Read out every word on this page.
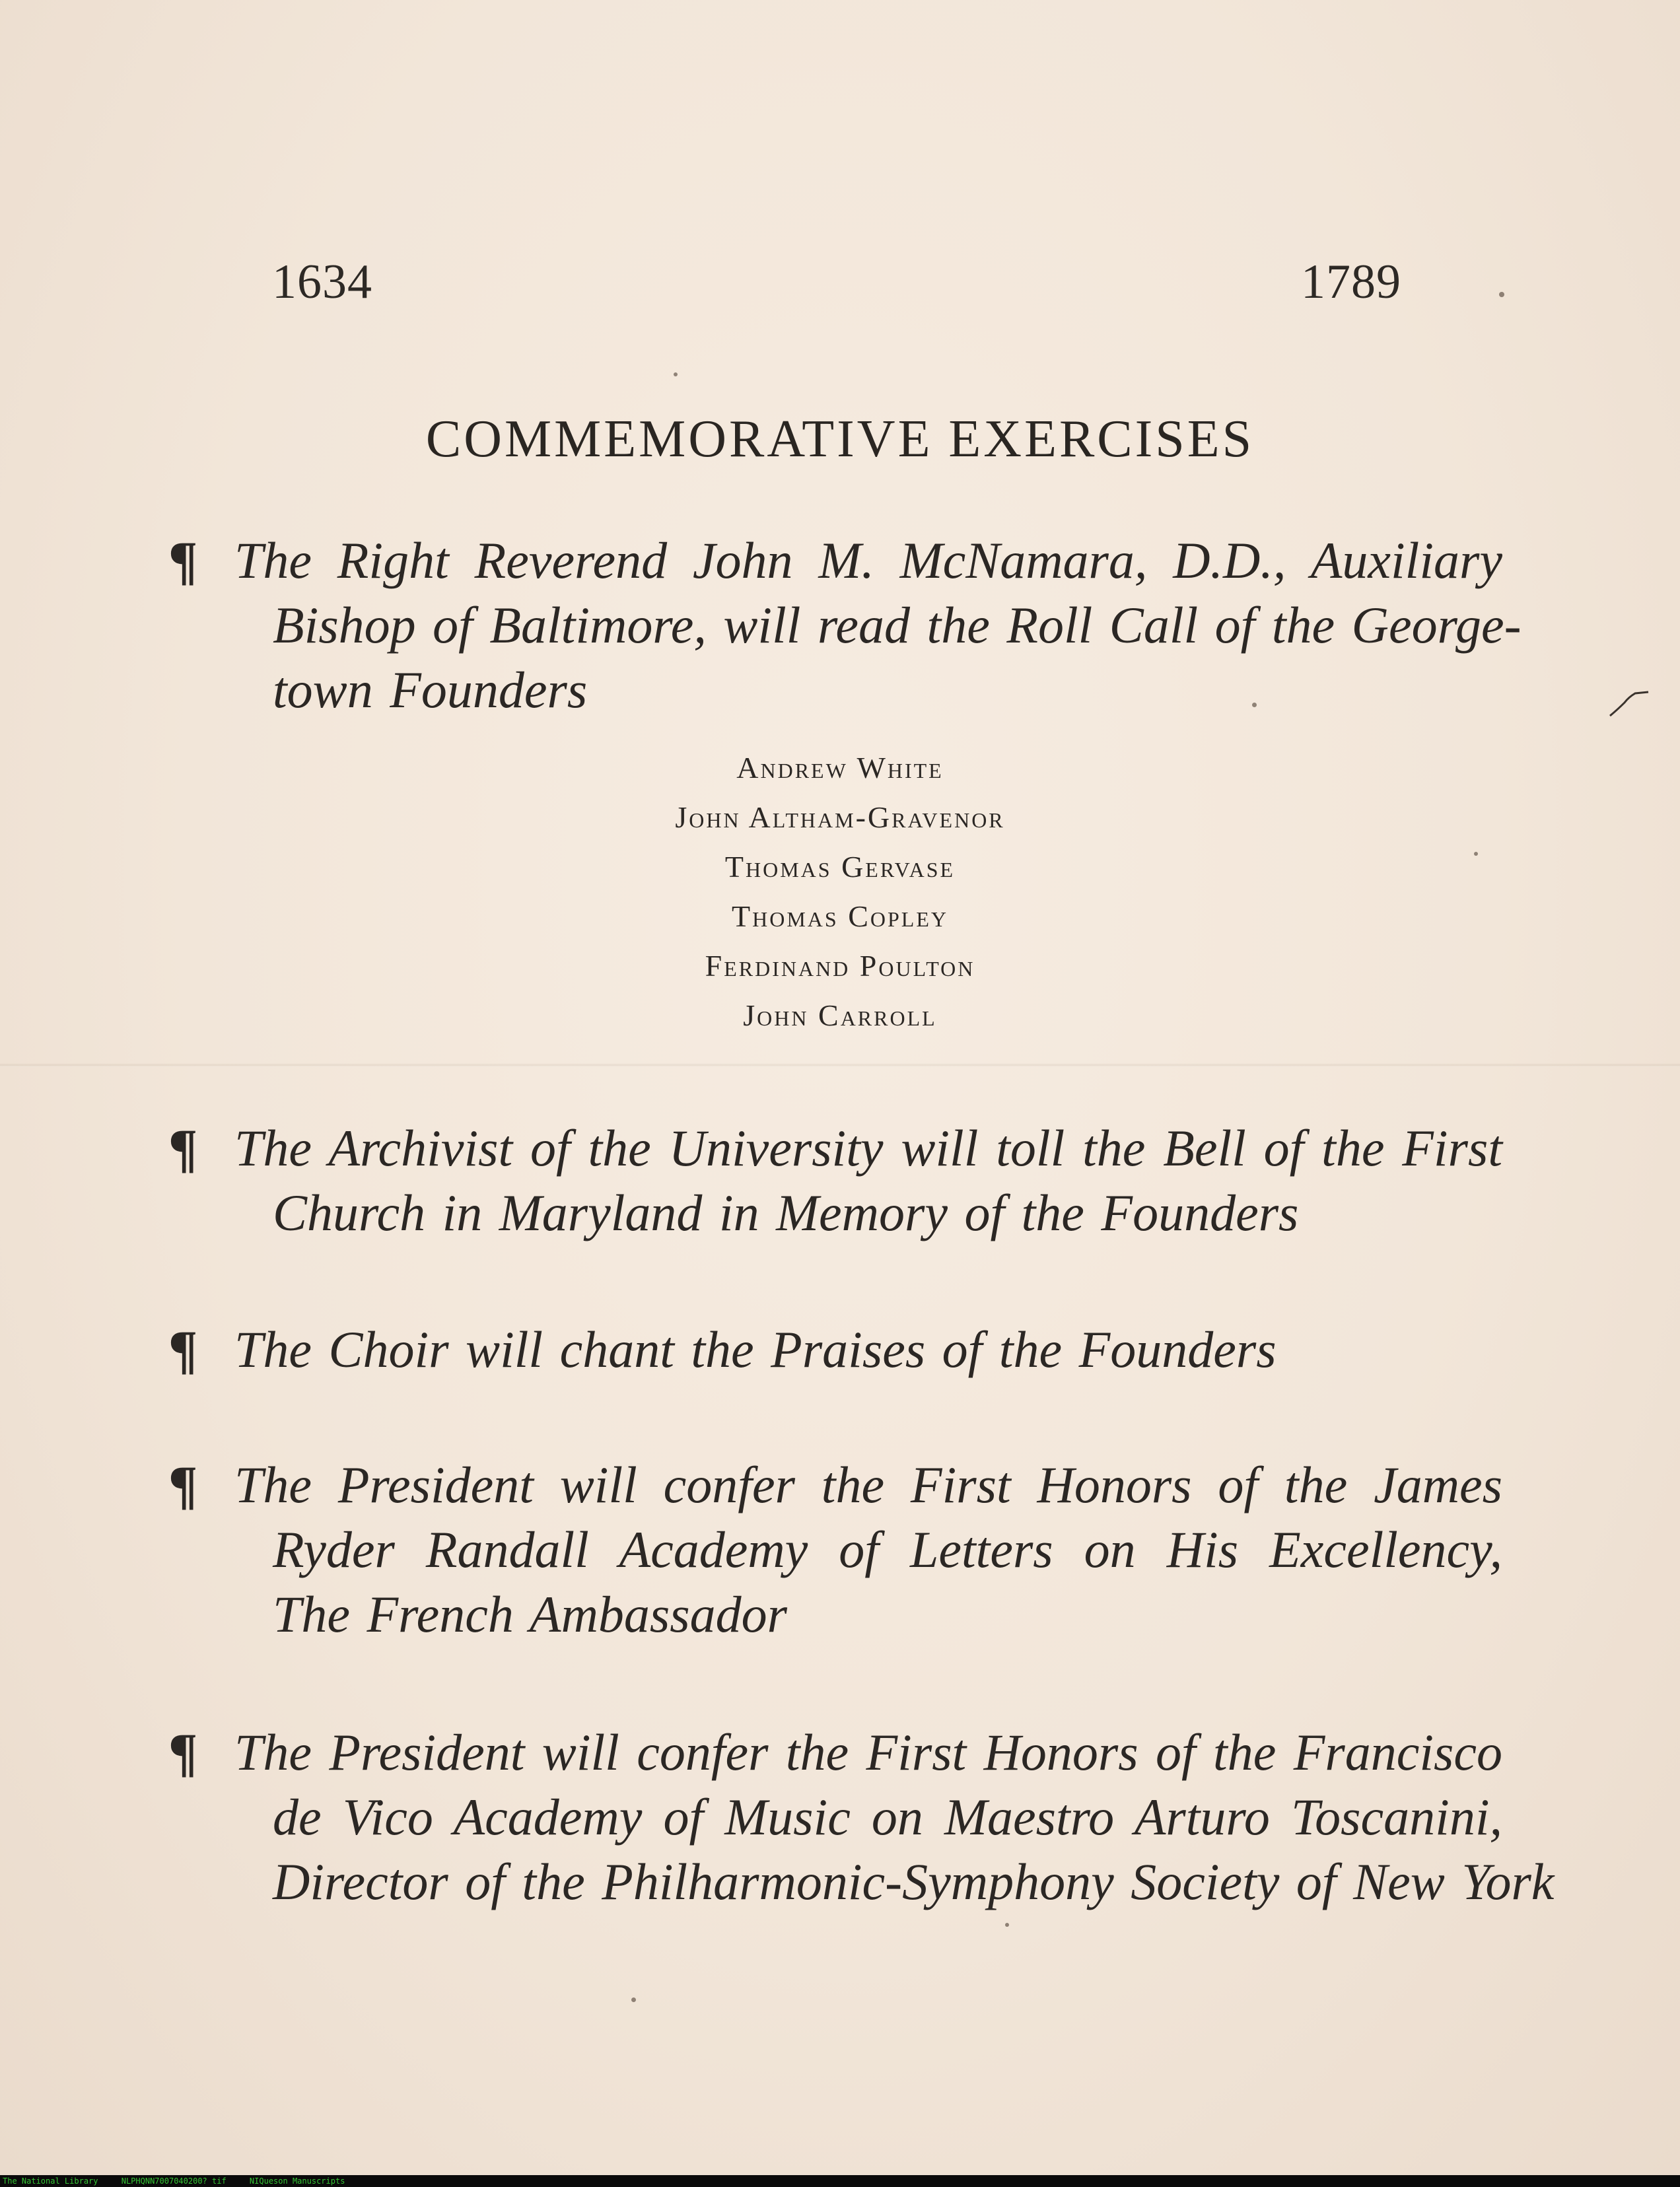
1634	1789
COMMEMORATIVE EXERCISES
¶ The Right Reverend John M. McNamara, D.D., Auxiliary
Bishop of Baltimore, will read the Roll Call of the George-
town Founders
Andrew White
John Altham-Gravenor
Thomas Gervase
Thomas Copley
Ferdinand Poulton
John Carroll
¶ The Archivist of the University will toll the Bell of the First
Church in Maryland in Memory of the Founders
¶ The Choir will chant the Praises of the Founders
¶ The President will confer the First Honors of the James
Ryder Randall Academy of Letters on His Excellency,
The French Ambassador
¶ The President will confer the First Honors of the Francisco
de Vico Academy of Music on Maestro Arturo Toscanini,
Director of the Philharmonic-Symphony Society of New York
The National Library	NLPHQNN7007040200? tif	NIQueson Manuscripts
